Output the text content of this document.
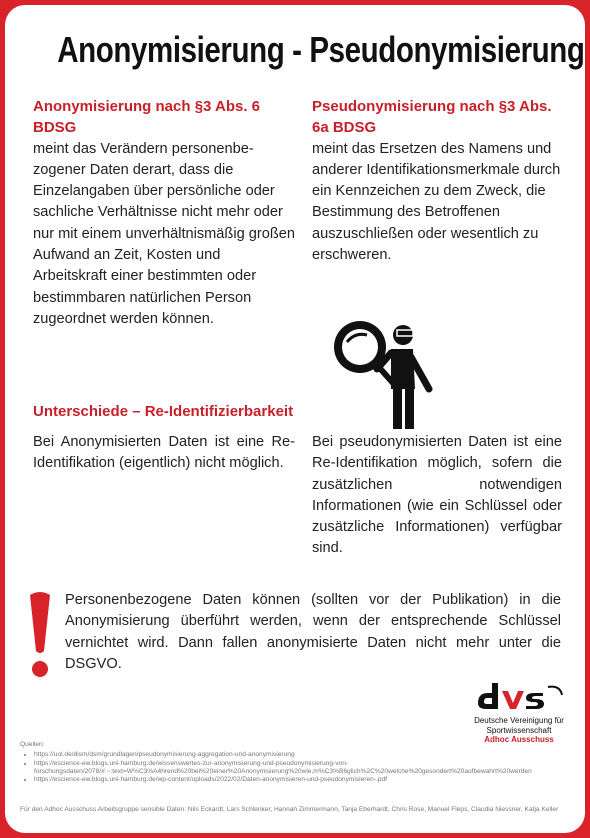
Anonymisierung - Pseudonymisierung
Anonymisierung nach §3 Abs. 6 BDSG
meint das Verändern personenbe-zogener Daten derart, dass die Einzelangaben über persönliche oder sachliche Verhältnisse nicht mehr oder nur mit einem unverhältnismäßig großen Aufwand an Zeit, Kosten und Arbeitskraft einer bestimmten oder bestimmbaren natürlichen Person zugeordnet werden können.
Pseudonymisierung nach §3 Abs. 6a BDSG
meint das Ersetzen des Namens und anderer Identifikationsmerkmale durch ein Kennzeichen zu dem Zweck, die Bestimmung des Betroffenen auszuschließen oder wesentlich zu erschweren.
Unterschiede – Re-Identifizierbarkeit
Bei Anonymisierten Daten ist eine Re-Identifikation (eigentlich) nicht möglich.
Bei pseudonymisierten Daten ist eine Re-Identifikation möglich, sofern die zusätzlichen notwendigen Informationen (wie ein Schlüssel oder zusätzliche Informationen) verfügbar sind.
Personenbezogene Daten können (sollten vor der Publikation) in die Anonymisierung überführt werden, wenn der entsprechende Schlüssel vernichtet wird. Dann fallen anonymisierte Daten nicht mehr unter die DSGVO.
Deutsche Vereinigung für Sportwissenschaft
Adhoc Ausschuss
Quellen:
• https://uol.de/dism/dsm/grundlagen/pseudonymisierung-aggregation-und-anonymisierung
• https://escience-ew.blogs.uni-hamburg.de/wissenswertes-zur-anonymisierung-und-pseudonymisierung-von-forschungsdaten/2078/#:~:text=W%C3%A4hrend%20bei%20einer%20Anonymisierung%20wie,m%C3%B6glich%2C%20welche%20gesondert%20aufbewahrt%20werden
• https://escience-ew.blogs.uni-hamburg.de/wp-content/uploads/2022/02/Daten-anonymisieren-und-pseudonymisieren-.pdf
Für den Adhoc Ausschuss Arbeitsgruppe sensible Daten: Nils Eckardt, Lars Schlenker, Hannah Zimmermann, Tanja Eberhardt, Chris Rose, Manuel Fleps, Claudia Niessner, Katja Keller
